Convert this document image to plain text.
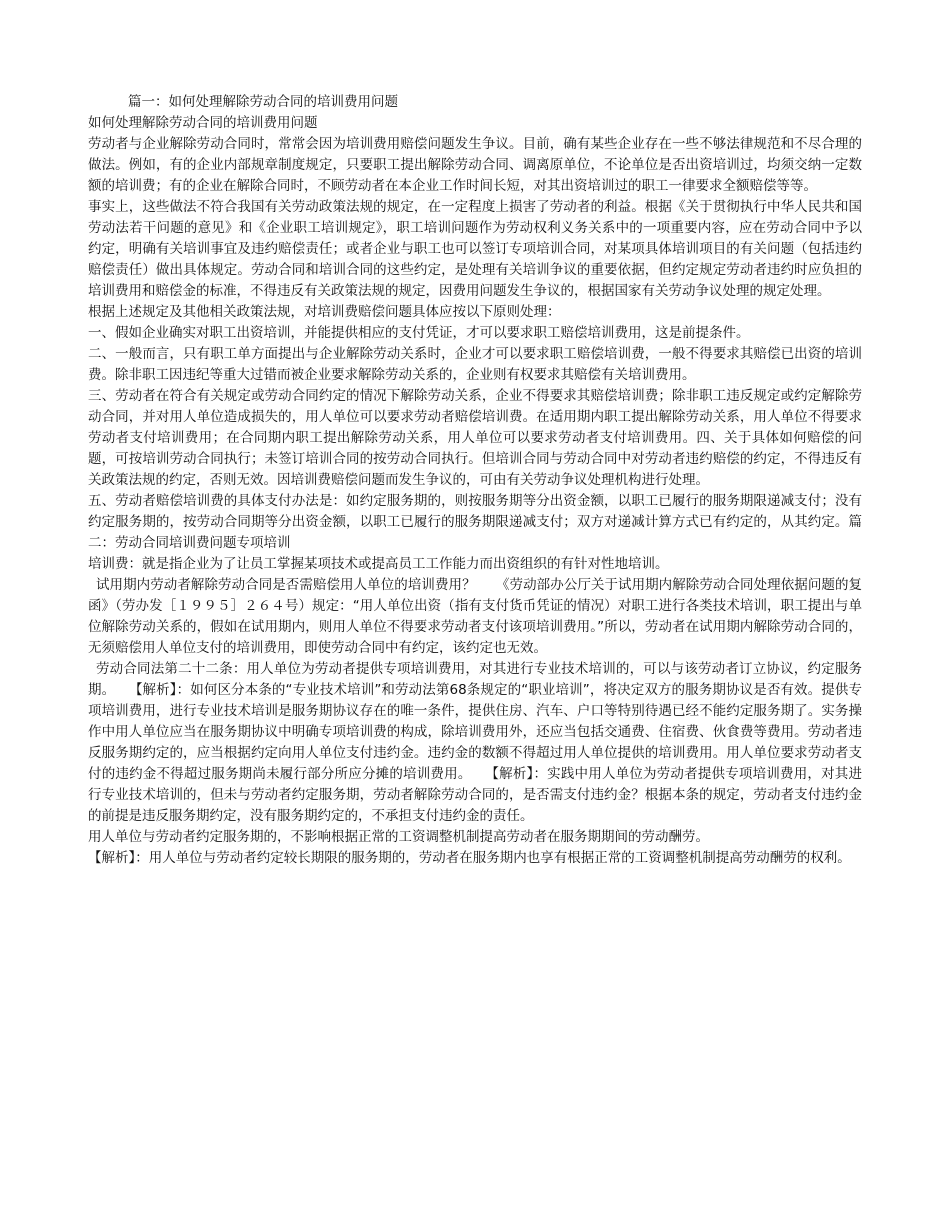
篇一：如何处理解除劳动合同的培训费用问题

如何处理解除劳动合同的培训费用问题

劳动者与企业解除劳动合同时，常常会因为培训费用赔偿问题发生争议。目前，确有某些企业存在一些不够法律规范和不尽合理的做法。例如，有的企业内部规章制度规定，只要职工提出解除劳动合同、调离原单位，不论单位是否出资培训过，均须交纳一定数额的培训费；有的企业在解除合同时，不顾劳动者在本企业工作时间长短，对其出资培训过的职工一律要求全额赔偿等等。

事实上，这些做法不符合我国有关劳动政策法规的规定，在一定程度上损害了劳动者的利益。根据《关于贯彻执行中华人民共和国劳动法若干问题的意见》和《企业职工培训规定》，职工培训问题作为劳动权利义务关系中的一项重要内容，应在劳动合同中予以约定，明确有关培训事宜及违约赔偿责任；或者企业与职工也可以签订专项培训合同，对某项具体培训项目的有关问题（包括违约赔偿责任）做出具体规定。劳动合同和培训合同的这些约定，是处理有关培训争议的重要依据，但约定规定劳动者违约时应负担的培训费用和赔偿金的标准，不得违反有关政策法规的规定，因费用问题发生争议的，根据国家有关劳动争议处理的规定处理。

根据上述规定及其他相关政策法规，对培训费赔偿问题具体应按以下原则处理：

一、假如企业确实对职工出资培训，并能提供相应的支付凭证，才可以要求职工赔偿培训费用，这是前提条件。

二、一般而言，只有职工单方面提出与企业解除劳动关系时，企业才可以要求职工赔偿培训费，一般不得要求其赔偿已出资的培训费。除非职工因违纪等重大过错而被企业要求解除劳动关系的，企业则有权要求其赔偿有关培训费用。

三、劳动者在符合有关规定或劳动合同约定的情况下解除劳动关系，企业不得要求其赔偿培训费；除非职工违反规定或约定解除劳动合同，并对用人单位造成损失的，用人单位可以要求劳动者赔偿培训费。在适用期内职工提出解除劳动关系，用人单位不得要求劳动者支付培训费用；在合同期内职工提出解除劳动关系，用人单位可以要求劳动者支付培训费用。四、关于具体如何赔偿的问题，可按培训劳动合同执行；未签订培训合同的按劳动合同执行。但培训合同与劳动合同中对劳动者违约赔偿的约定，不得违反有关政策法规的约定，否则无效。因培训费赔偿问题而发生争议的，可由有关劳动争议处理机构进行处理。

五、劳动者赔偿培训费的具体支付办法是：如约定服务期的，则按服务期等分出资金额，以职工已履行的服务期限递减支付；没有约定服务期的，按劳动合同期等分出资金额，以职工已履行的服务期限递减支付；双方对递减计算方式已有约定的，从其约定。篇二：劳动合同培训费问题专项培训

培训费：就是指企业为了让员工掌握某项技术或提高员工工作能力而出资组织的有针对性地培训。

试用期内劳动者解除劳动合同是否需赔偿用人单位的培训费用？　　《劳动部办公厅关于试用期内解除劳动合同处理依据问题的复函》（劳办发［１９９５］２６４号）规定：“用人单位出资（指有支付货币凭证的情况）对职工进行各类技术培训，职工提出与单位解除劳动关系的，假如在试用期内，则用人单位不得要求劳动者支付该项培训费用。”所以，劳动者在试用期内解除劳动合同的，无须赔偿用人单位支付的培训费用，即使劳动合同中有约定，该约定也无效。

劳动合同法第二十二条：用人单位为劳动者提供专项培训费用，对其进行专业技术培训的，可以与该劳动者订立协议，约定服务期。　　【解析】：如何区分本条的“专业技术培训”和劳动法第68条规定的“职业培训”，将决定双方的服务期协议是否有效。提供专项培训费用，进行专业技术培训是服务期协议存在的唯一条件，提供住房、汽车、户口等特别待遇已经不能约定服务期了。实务操作中用人单位应当在服务期协议中明确专项培训费的构成，除培训费用外，还应当包括交通费、住宿费、伙食费等费用。劳动者违反服务期约定的，应当根据约定向用人单位支付违约金。违约金的数额不得超过用人单位提供的培训费用。用人单位要求劳动者支付的违约金不得超过服务期尚未履行部分所应分摊的培训费用。　　【解析】：实践中用人单位为劳动者提供专项培训费用，对其进行专业技术培训的，但未与劳动者约定服务期，劳动者解除劳动合同的，是否需支付违约金？根据本条的规定，劳动者支付违约金的前提是违反服务期约定，没有服务期约定的，不承担支付违约金的责任。

用人单位与劳动者约定服务期的，不影响根据正常的工资调整机制提高劳动者在服务期期间的劳动酬劳。

【解析】：用人单位与劳动者约定较长期限的服务期的，劳动者在服务期内也享有根据正常的工资调整机制提高劳动酬劳的权利。
